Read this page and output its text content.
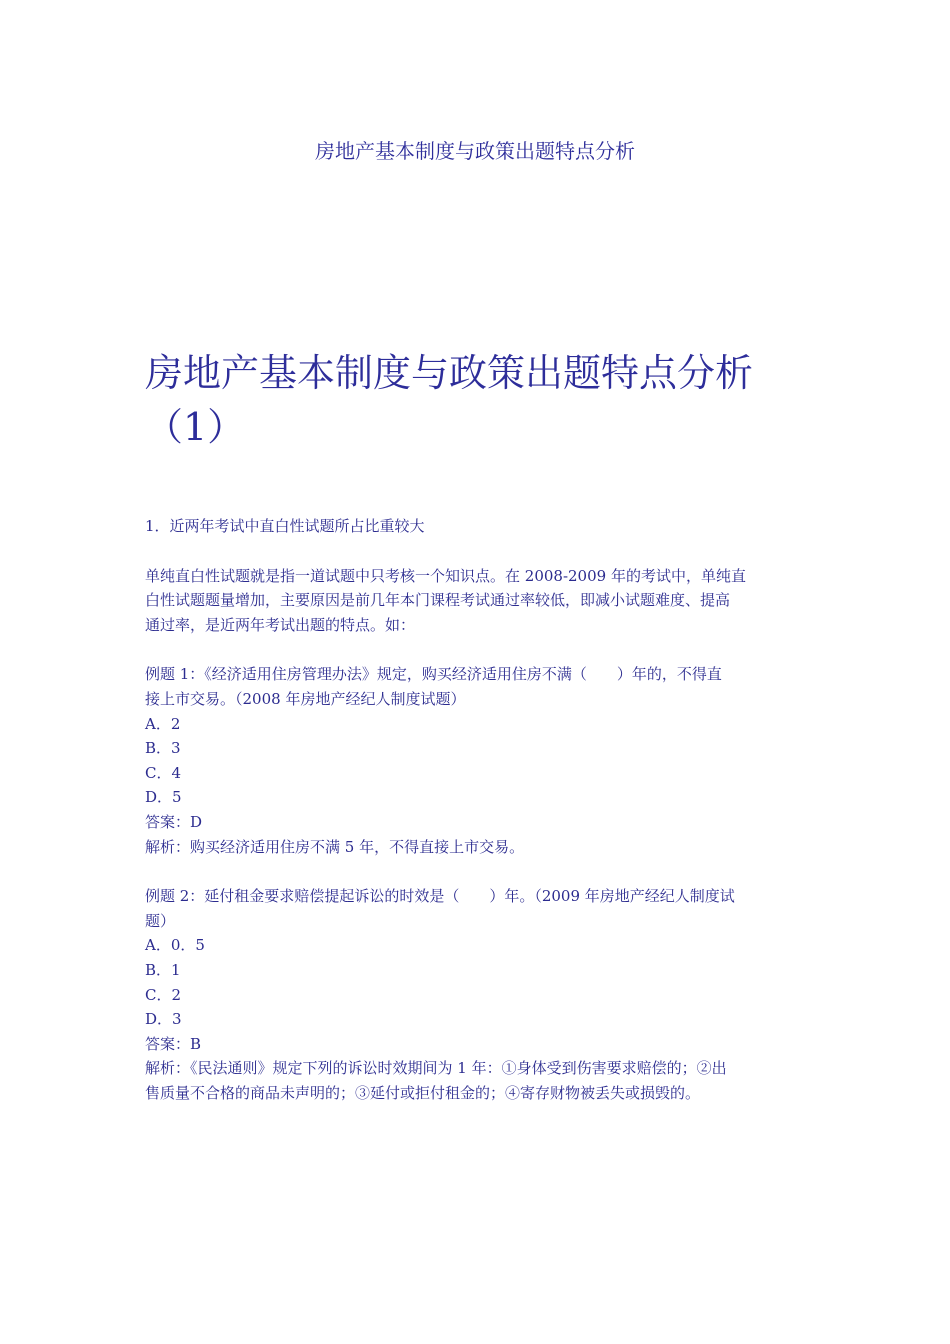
房地产基本制度与政策出题特点分析
房地产基本制度与政策出题特点分析
（1）

1．近两年考试中直白性试题所占比重较大

单纯直白性试题就是指一道试题中只考核一个知识点。在 2008-2009 年的考试中，单纯直
白性试题题量增加，主要原因是前几年本门课程考试通过率较低，即减小试题难度、提高
通过率，是近两年考试出题的特点。如：

例题 1：《经济适用住房管理办法》规定，购买经济适用住房不满（　　）年的，不得直
接上市交易。（2008 年房地产经纪人制度试题）
A．2
B．3
C．4
D．5
答案：D
解析：购买经济适用住房不满 5 年，不得直接上市交易。
例题 2：延付租金要求赔偿提起诉讼的时效是（　　）年。（2009 年房地产经纪人制度试
题）
A．0．5
B．1
C．2
D．3
答案：B
解析：《民法通则》规定下列的诉讼时效期间为 1 年：①身体受到伤害要求赔偿的；②出
售质量不合格的商品未声明的；③延付或拒付租金的；④寄存财物被丢失或损毁的。
